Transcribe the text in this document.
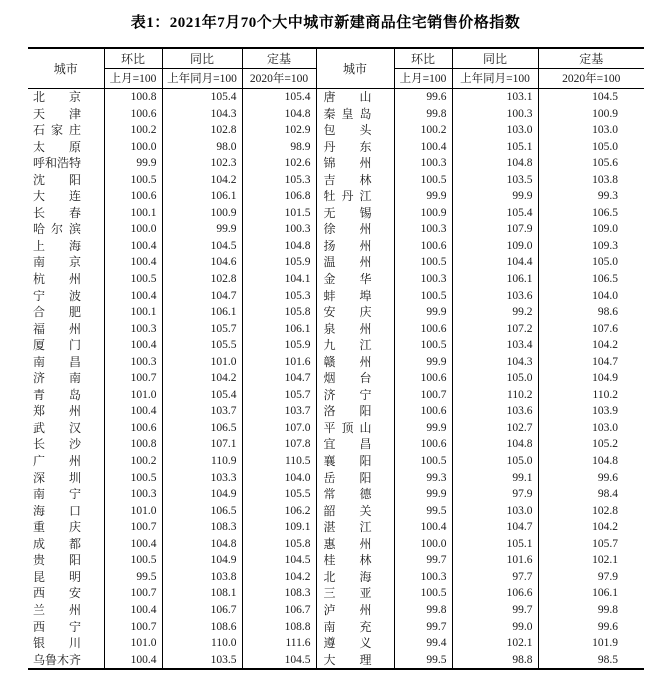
表1：2021年7月70个大中城市新建商品住宅销售价格指数
城市	环比	同比	定基	城市	环比	同比	定基
	上月=100	上年同月=100	2020年=100		上月=100	上年同月=100	2020年=100

北京	100.8	105.4	105.4	唐山	99.6	103.1	104.5

天津	100.6	104.3	104.8	秦皇岛	99.8	100.3	100.9

石家庄	100.2	102.8	102.9	包头	100.2	103.0	103.0

太原	100.0	98.0	98.9	丹东	100.4	105.1	105.0

呼和浩特	99.9	102.3	102.6	锦州	100.3	104.8	105.6

沈阳	100.5	104.2	105.3	吉林	100.5	103.5	103.8

大连	100.6	106.1	106.8	牡丹江	99.9	99.9	99.3

长春	100.1	100.9	101.5	无锡	100.9	105.4	106.5

哈尔滨	100.0	99.9	100.3	徐州	100.3	107.9	109.0

上海	100.4	104.5	104.8	扬州	100.6	109.0	109.3

南京	100.4	104.6	105.9	温州	100.5	104.4	105.0

杭州	100.5	102.8	104.1	金华	100.3	106.1	106.5

宁波	100.4	104.7	105.3	蚌埠	100.5	103.6	104.0

合肥	100.1	106.1	105.8	安庆	99.9	99.2	98.6

福州	100.3	105.7	106.1	泉州	100.6	107.2	107.6

厦门	100.4	105.5	105.9	九江	100.5	103.4	104.2

南昌	100.3	101.0	101.6	赣州	99.9	104.3	104.7

济南	100.7	104.2	104.7	烟台	100.6	105.0	104.9

青岛	101.0	105.4	105.7	济宁	100.7	110.2	110.2

郑州	100.4	103.7	103.7	洛阳	100.6	103.6	103.9

武汉	100.6	106.5	107.0	平顶山	99.9	102.7	103.0

长沙	100.8	107.1	107.8	宜昌	100.6	104.8	105.2

广州	100.2	110.9	110.5	襄阳	100.5	105.0	104.8

深圳	100.5	103.3	104.0	岳阳	99.3	99.1	99.6

南宁	100.3	104.9	105.5	常德	99.9	97.9	98.4

海口	101.0	106.5	106.2	韶关	99.5	103.0	102.8

重庆	100.7	108.3	109.1	湛江	100.4	104.7	104.2

成都	100.4	104.8	105.8	惠州	100.0	105.1	105.7

贵阳	100.5	104.9	104.5	桂林	99.7	101.6	102.1

昆明	99.5	103.8	104.2	北海	100.3	97.7	97.9

西安	100.7	108.1	108.3	三亚	100.5	106.6	106.1

兰州	100.4	106.7	106.7	泸州	99.8	99.7	99.8

西宁	100.7	108.6	108.8	南充	99.7	99.0	99.6

银川	101.0	110.0	111.6	遵义	99.4	102.1	101.9

乌鲁木齐	100.4	103.5	104.5	大理	99.5	98.8	98.5
